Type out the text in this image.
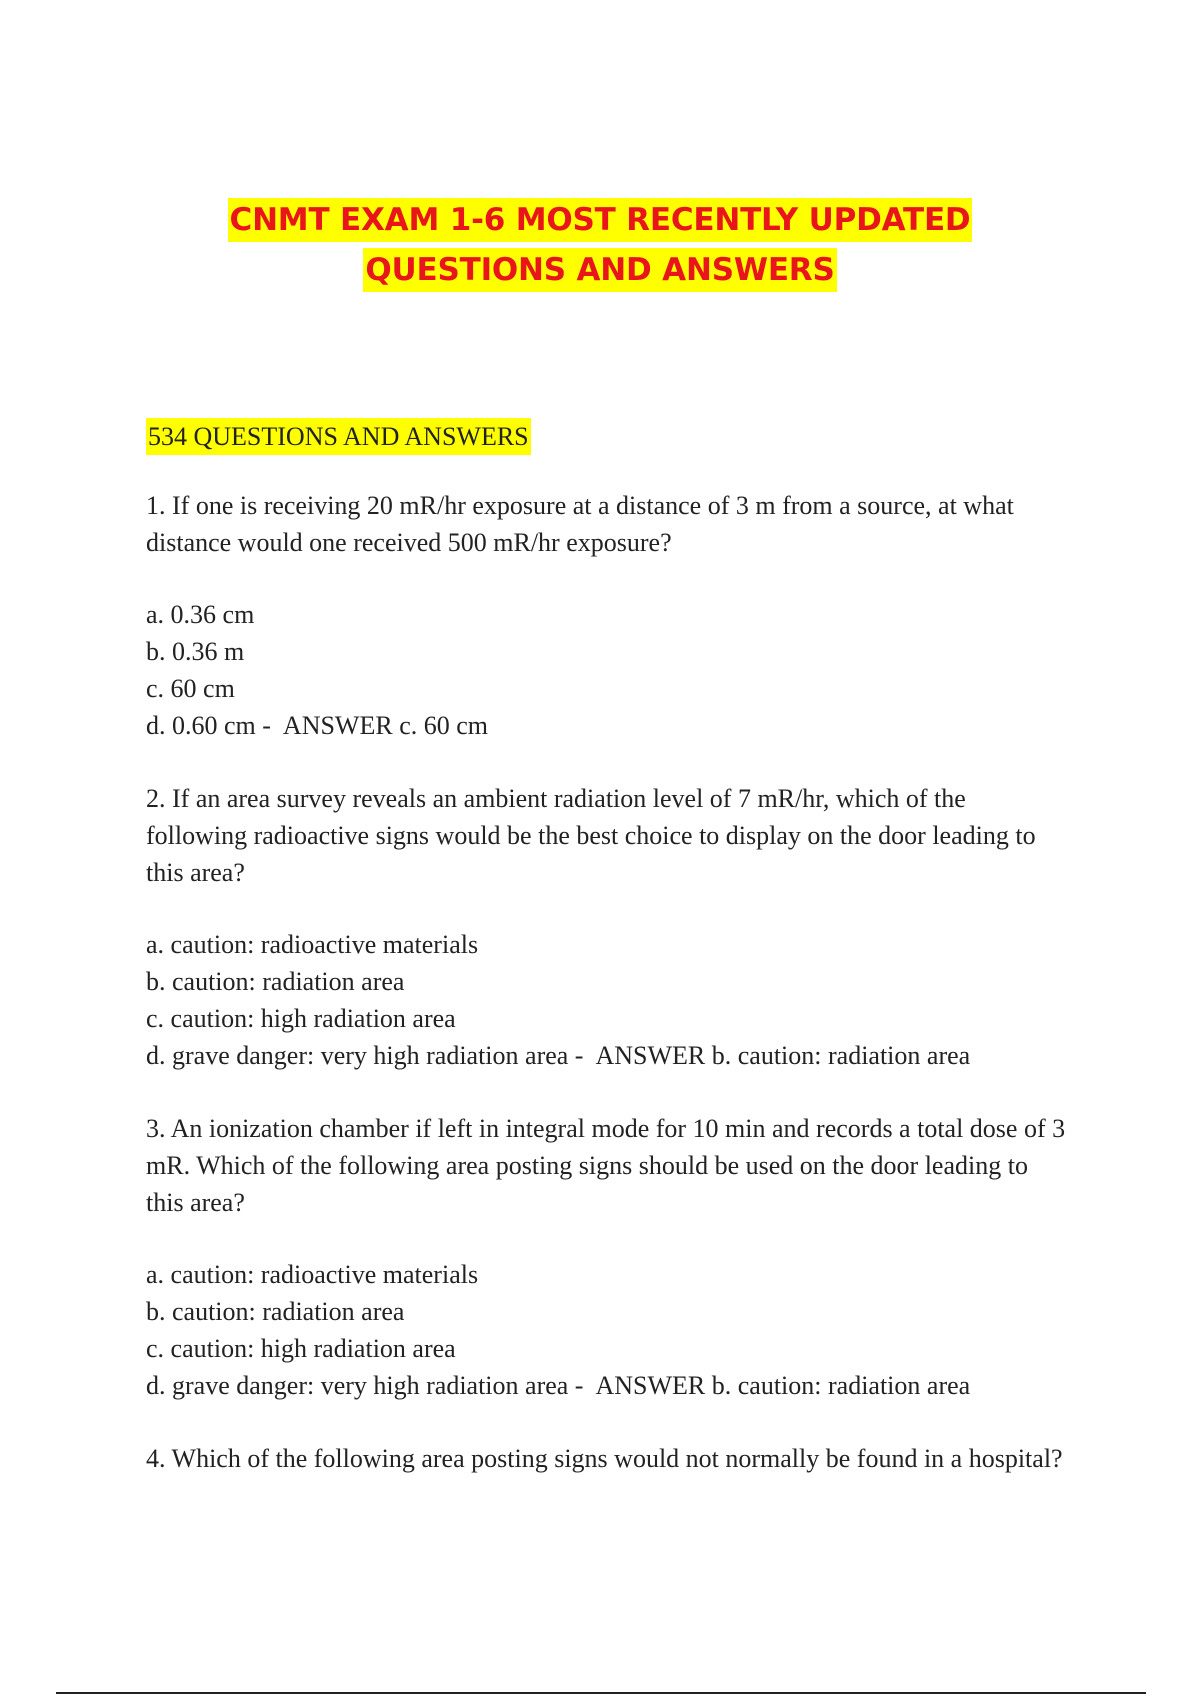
CNMT EXAM 1-6 MOST RECENTLY UPDATED
QUESTIONS AND ANSWERS
534 QUESTIONS AND ANSWERS
1. If one is receiving 20 mR/hr exposure at a distance of 3 m from a source, at what distance would one received 500 mR/hr exposure?
a. 0.36 cm
b. 0.36 m
c. 60 cm
d. 0.60 cm - ANSWER c. 60 cm
2. If an area survey reveals an ambient radiation level of 7 mR/hr, which of the following radioactive signs would be the best choice to display on the door leading to this area?
a. caution: radioactive materials
b. caution: radiation area
c. caution: high radiation area
d. grave danger: very high radiation area - ANSWER b. caution: radiation area
3. An ionization chamber if left in integral mode for 10 min and records a total dose of 3 mR. Which of the following area posting signs should be used on the door leading to this area?
a. caution: radioactive materials
b. caution: radiation area
c. caution: high radiation area
d. grave danger: very high radiation area - ANSWER b. caution: radiation area
4. Which of the following area posting signs would not normally be found in a hospital?
